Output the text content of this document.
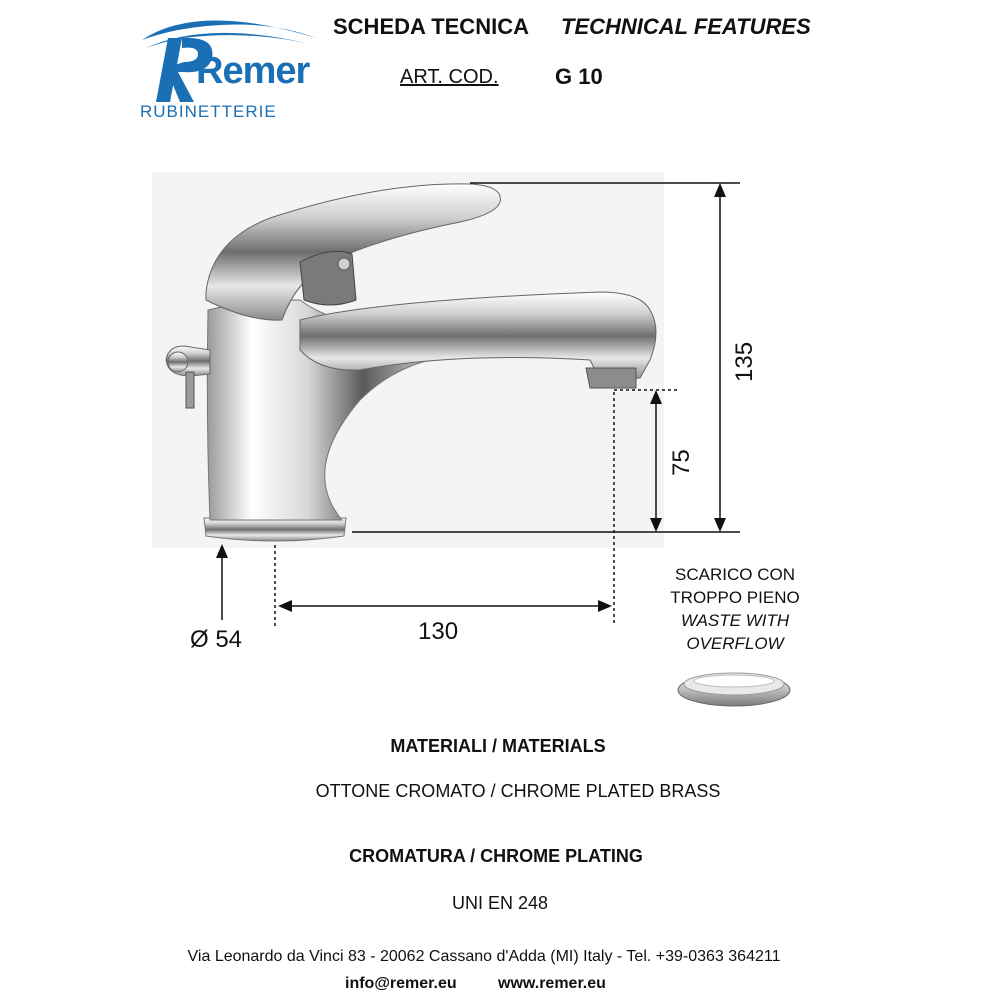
Remer
RUBINETTERIE
SCHEDA TECNICA TECHNICAL FEATURES
ART. COD.	G 10
135
75
130
Ø 54
SCARICO CON
TROPPO PIENO
WASTE WITH
OVERFLOW
MATERIALI / MATERIALS
OTTONE CROMATO / CHROME PLATED BRASS
CROMATURA / CHROME PLATING
UNI EN 248
Via Leonardo da Vinci 83 - 20062 Cassano d'Adda (MI) Italy - Tel. +39-0363 364211
info@remer.eu	www.remer.eu
